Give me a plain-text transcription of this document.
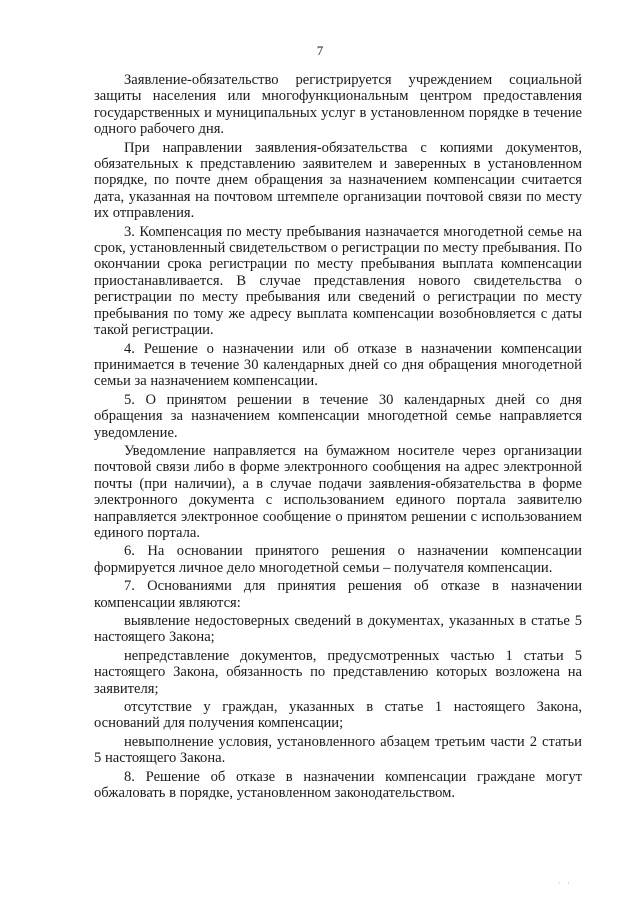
7

Заявление-обязательство регистрируется учреждением социальной защиты населения или многофункциональным центром предоставления государственных и муниципальных услуг в установленном порядке в течение одного рабочего дня.

При направлении заявления-обязательства с копиями документов, обязательных к представлению заявителем и заверенных в установленном порядке, по почте днем обращения за назначением компенсации считается дата, указанная на почтовом штемпеле организации почтовой связи по месту их отправления.

3. Компенсация по месту пребывания назначается многодетной семье на срок, установленный свидетельством о регистрации по месту пребывания. По окончании срока регистрации по месту пребывания выплата компенсации приостанавливается. В случае представления нового свидетельства о регистрации по месту пребывания или сведений о регистрации по месту пребывания по тому же адресу выплата компенсации возобновляется с даты такой регистрации.

4. Решение о назначении или об отказе в назначении компенсации принимается в течение 30 календарных дней со дня обращения многодетной семьи за назначением компенсации.

5. О принятом решении в течение 30 календарных дней со дня обращения за назначением компенсации многодетной семье направляется уведомление.

Уведомление направляется на бумажном носителе через организации почтовой связи либо в форме электронного сообщения на адрес электронной почты (при наличии), а в случае подачи заявления-обязательства в форме электронного документа с использованием единого портала заявителю направляется электронное сообщение о принятом решении с использованием единого портала.

6. На основании принятого решения о назначении компенсации формируется личное дело многодетной семьи – получателя компенсации.

7. Основаниями для принятия решения об отказе в назначении компенсации являются:

выявление недостоверных сведений в документах, указанных в статье 5 настоящего Закона;

непредставление документов, предусмотренных частью 1 статьи 5 настоящего Закона, обязанность по представлению которых возложена на заявителя;

отсутствие у граждан, указанных в статье 1 настоящего Закона, оснований для получения компенсации;

невыполнение условия, установленного абзацем третьим части 2 статьи 5 настоящего Закона.

8. Решение об отказе в назначении компенсации граждане могут обжаловать в порядке, установленном законодательством.

· ·
